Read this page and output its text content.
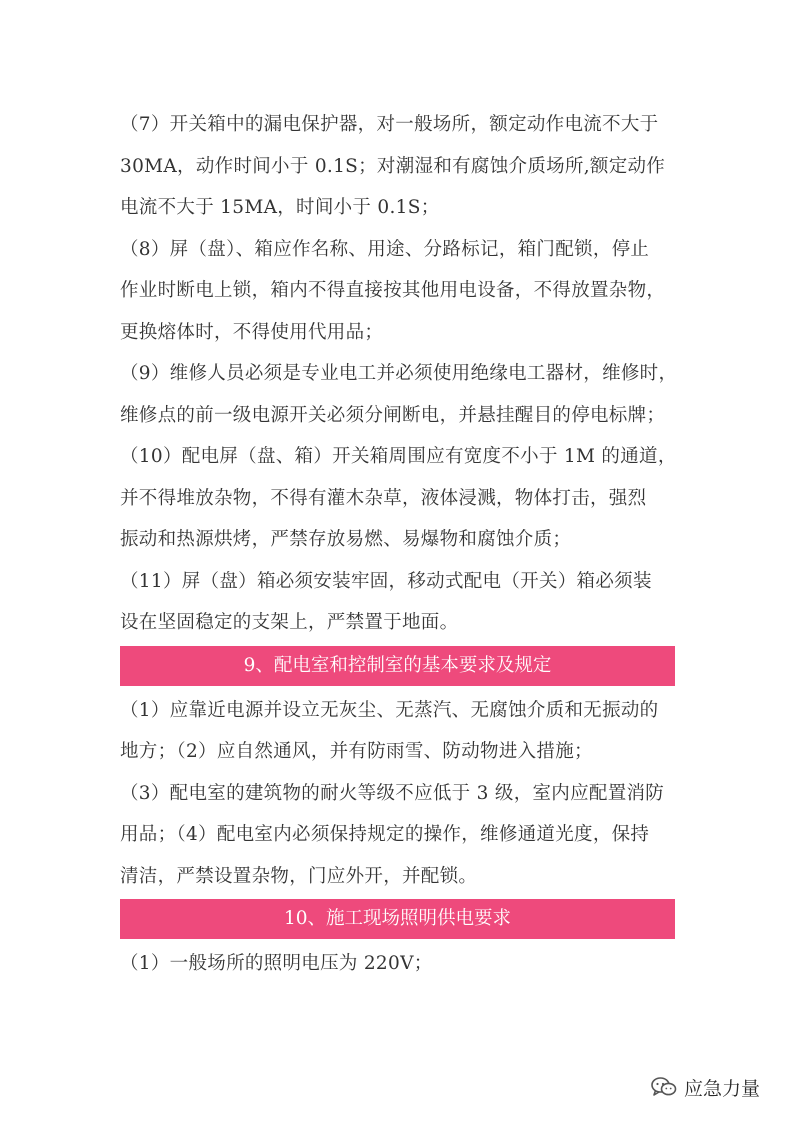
（7）开关箱中的漏电保护器，对一般场所，额定动作电流不大于
30MA，动作时间小于 0.1S；对潮湿和有腐蚀介质场所,额定动作
电流不大于 15MA，时间小于 0.1S；
（8）屏（盘）、箱应作名称、用途、分路标记，箱门配锁，停止
作业时断电上锁，箱内不得直接按其他用电设备，不得放置杂物，
更换熔体时，不得使用代用品；
（9）维修人员必须是专业电工并必须使用绝缘电工器材，维修时，
维修点的前一级电源开关必须分闸断电，并悬挂醒目的停电标牌；
（10）配电屏（盘、箱）开关箱周围应有宽度不小于 1M 的通道，
并不得堆放杂物，不得有灌木杂草，液体浸溅，物体打击，强烈
振动和热源烘烤，严禁存放易燃、易爆物和腐蚀介质；
（11）屏（盘）箱必须安装牢固，移动式配电（开关）箱必须装
设在坚固稳定的支架上，严禁置于地面。
9、配电室和控制室的基本要求及规定
（1）应靠近电源并设立无灰尘、无蒸汽、无腐蚀介质和无振动的
地方；（2）应自然通风，并有防雨雪、防动物进入措施；
（3）配电室的建筑物的耐火等级不应低于 3 级，室内应配置消防
用品；（4）配电室内必须保持规定的操作，维修通道光度，保持
清洁，严禁设置杂物，门应外开，并配锁。
10、施工现场照明供电要求
（1）一般场所的照明电压为 220V；
应急力量
